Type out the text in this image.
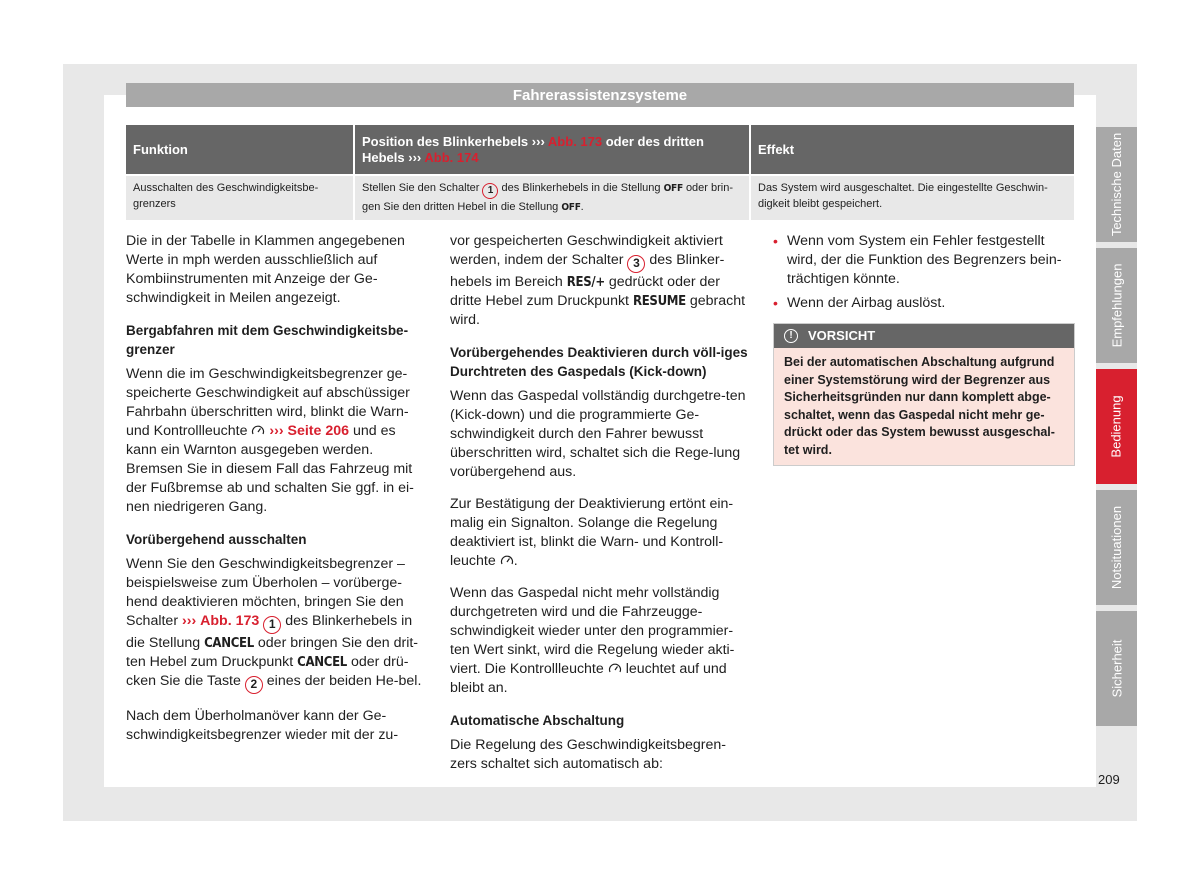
Fahrerassistenzsysteme
Funktion	Position des Blinkerhebels ››› Abb. 173 oder des dritten Hebels ››› Abb. 174	Effekt
Ausschalten des Geschwindigkeitsbe-grenzers	Stellen Sie den Schalter 1 des Blinkerhebels in die Stellung OFF oder brin-gen Sie den dritten Hebel in die Stellung OFF.	Das System wird ausgeschaltet. Die eingestellte Geschwin-digkeit bleibt gespeichert.

Die in der Tabelle in Klammen angegebenen Werte in mph werden ausschließlich auf Kombiinstrumenten mit Anzeige der Ge-schwindigkeit in Meilen angezeigt.

Bergabfahren mit dem Geschwindigkeitsbe-grenzer

Wenn die im Geschwindigkeitsbegrenzer ge-speicherte Geschwindigkeit auf abschüssiger Fahrbahn überschritten wird, blinkt die Warn- und Kontrollleuchte ››› Seite 206 und es kann ein Warnton ausgegeben werden. Bremsen Sie in diesem Fall das Fahrzeug mit der Fußbremse ab und schalten Sie ggf. in ei-nen niedrigeren Gang.

Vorübergehend ausschalten

Wenn Sie den Geschwindigkeitsbegrenzer – beispielsweise zum Überholen – vorüberge-hend deaktivieren möchten, bringen Sie den Schalter ››› Abb. 173 1 des Blinkerhebels in die Stellung CANCEL oder bringen Sie den drit-ten Hebel zum Druckpunkt CANCEL oder drü-cken Sie die Taste 2 eines der beiden He-bel.

Nach dem Überholmanöver kann der Ge-schwindigkeitsbegrenzer wieder mit der zu-

vor gespeicherten Geschwindigkeit aktiviert werden, indem der Schalter 3 des Blinker-hebels im Bereich RES/+ gedrückt oder der dritte Hebel zum Druckpunkt RESUME gebracht wird.

Vorübergehendes Deaktivieren durch völl-iges Durchtreten des Gaspedals (Kick-down)

Wenn das Gaspedal vollständig durchgetre-ten (Kick-down) und die programmierte Ge-schwindigkeit durch den Fahrer bewusst überschritten wird, schaltet sich die Rege-lung vorübergehend aus.

Zur Bestätigung der Deaktivierung ertönt ein-malig ein Signalton. Solange die Regelung deaktiviert ist, blinkt die Warn- und Kontroll-leuchte .

Wenn das Gaspedal nicht mehr vollständig durchgetreten wird und die Fahrzeugge-schwindigkeit wieder unter den programmier-ten Wert sinkt, wird die Regelung wieder akti-viert. Die Kontrollleuchte leuchtet auf und bleibt an.

Automatische Abschaltung

Die Regelung des Geschwindigkeitsbegren-zers schaltet sich automatisch ab:

• Wenn vom System ein Fehler festgestellt wird, der die Funktion des Begrenzers bein-trächtigen könnte.
• Wenn der Airbag auslöst.
!	VORSICHT
Bei der automatischen Abschaltung aufgrund einer Systemstörung wird der Begrenzer aus Sicherheitsgründen nur dann komplett abge-schaltet, wenn das Gaspedal nicht mehr ge-drückt oder das System bewusst ausgeschal-tet wird.
Technische Daten
Empfehlungen
Bedienung
Notsituationen
Sicherheit
209
